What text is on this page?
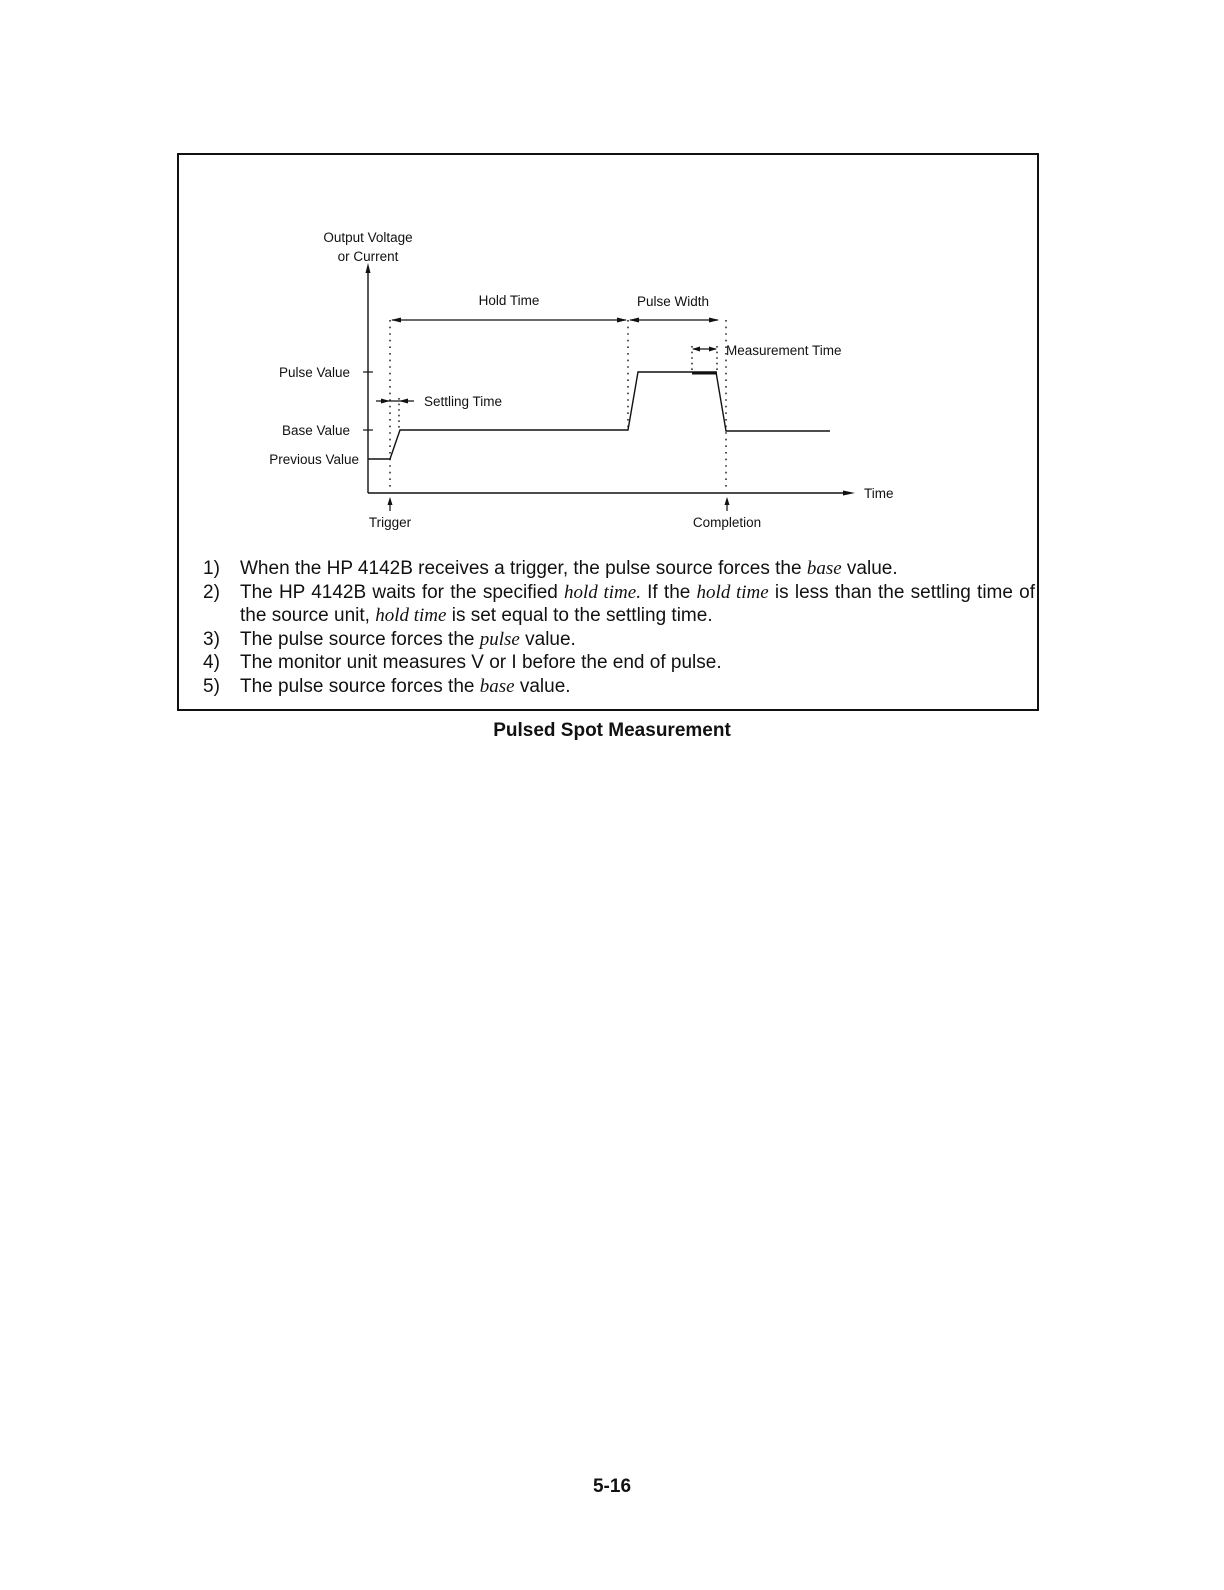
Output Voltage
or Current
Hold Time	Pulse Width
Measurement Time
Pulse Value
Settling Time
Base Value
Previous Value
Time
Trigger	Completion
1)	When the HP 4142B receives a trigger, the pulse source forces the base value.
2)	The HP 4142B waits for the specified hold time. If the hold time is less than the settling time of the source unit, hold time is set equal to the settling time.
3)	The pulse source forces the pulse value.
4)	The monitor unit measures V or I before the end of pulse.
5)	The pulse source forces the base value.
Pulsed Spot Measurement
5-16
